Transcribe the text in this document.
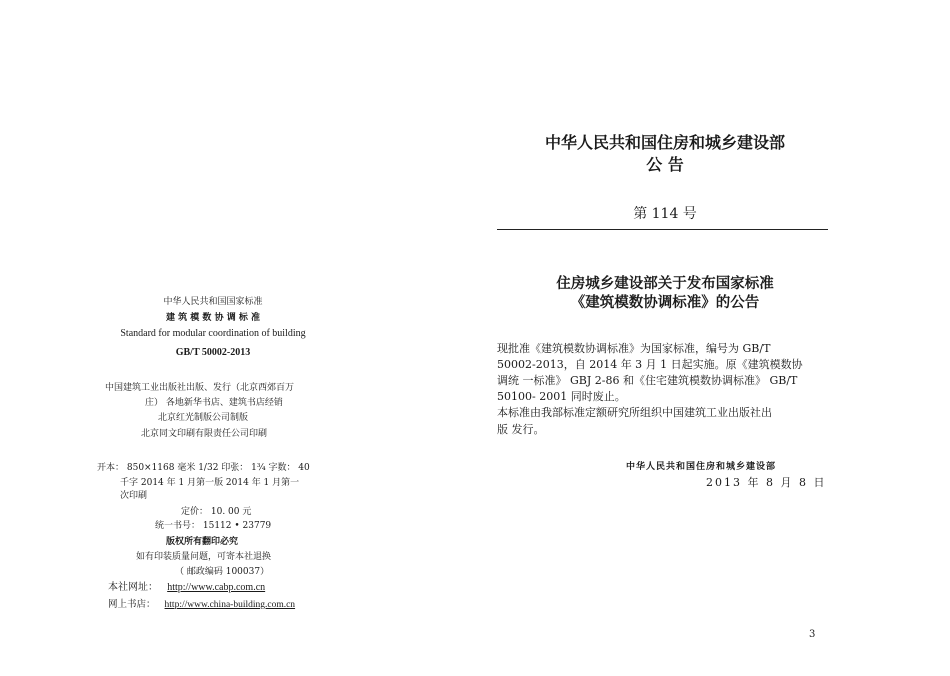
中华人民共和国国家标准
建 筑 模 数 协 调 标 准
Standard for modular coordination of building
GB/T 50002-2013
中国建筑工业出版社出版、发行（北京西郊百万
庄） 各地新华书店、建筑书店经销
北京红光制版公司制版
北京同文印刷有限责任公司印刷
开本： 850×1168 毫米 1/32 印张： 1¾ 字数： 40
千字 2014 年 1 月第一版 2014 年 1 月第一
次印刷
定价： 10. 00 元
统一书号： 15112 • 23779
版权所有翻印必究
如有印装质量问题，可寄本社退换
（ 邮政编码 100037）
本社网址： http://www.cabp.com.cn
网上书店： http://www.china-building.com.cn
中华人民共和国住房和城乡建设部
公 告
第 114 号
住房城乡建设部关于发布国家标准
《建筑模数协调标准》的公告
现批准《建筑模数协调标准》为国家标准，编号为 GB/T
50002-2013，自 2014 年 3 月 1 日起实施。原《建筑模数协
调统 一标准》 GBJ 2-86 和《住宅建筑模数协调标准》 GB/T
50100- 2001 同时废止。
本标准由我部标准定额研究所组织中国建筑工业出版社出
版 发行。
中华人民共和国住房和城乡建设部
2013 年 8 月 8 日
3
